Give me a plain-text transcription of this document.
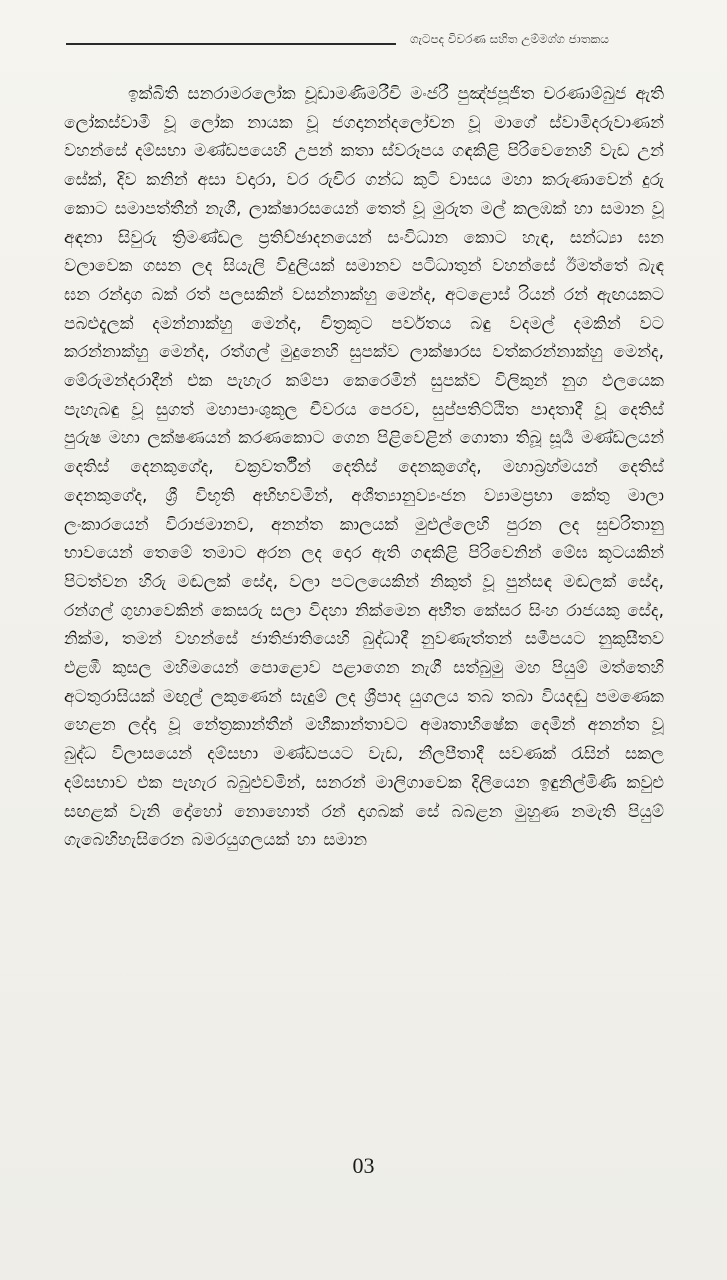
ගැටපද විවරණ සහිත උම්මග්ග ජාතකය

ඉක්බිති සනරාමරලෝක චූඩාමණිමරීචි මංජරී පුඤ්ජපූජිත චරණාම්බුජ ඇති ලෝකස්වාමී වූ ලෝක නායක වූ ජගදානන්දලෝචන වූ මාගේ ස්වාමිදරුවාණන් වහන්සේ දම්සභා මණ්ඩපයෙහි උපන් කතා ස්වරූපය ගඳකිළි පිරිවෙනෙහි වැඩ උන් සේක්, දිව කනින් අසා වදාරා, වර රුචිර ගන්ධ කුටි වාසය මහා කරුණාවෙන් දුරු කොට සමාපත්තීන් නැගී, ලාක්ෂාරසයෙන් තෙත් වූ මුරුත මල් කලඹක් හා සමාන වූ අඳනා සිවුරු ත්‍රිමණ්ඩල ප්‍රතිච්ඡාදනයෙන් සංවිධාන කොට හැඳ, සන්ධ්‍යා ඝන වලාවෙක ගසන ලද සියැලි විදුලියක් සමානව පටිධාතුන් වහන්සේ ඊමත්තේ බැඳ ඝන රන්දාග බක් රත් පලසකින් වසන්නාක්හු මෙන්ද, අටළොස් රියන් රන් ඇඟයකට පබළුදැලක් දමන්නාක්හු මෙන්ද, චිත්‍රකූට පර්වතය බඳු වදමල් දමකින් වට කරන්නාක්හු මෙන්ද, රත්ගල් මුදුනෙහි සුපක්ව ලාක්ෂාරස වත්කරන්නාක්හු මෙන්ද, මේරුමන්දරාදීන් එක පැහැර කම්පා කෙරෙමින් සුපක්ව විලිකුන් නුග ඵලයෙක පැහැබඳු වූ සුගත් මහාපාංශුකූල චීවරය පෙරව, සුප්පතිට්ඨිත පාදතාදී වූ දෙතිස් පුරුෂ මහා ලක්ෂණයන් කරණකොට ගෙන පිළිවෙළින් ගොතා තිබූ සූර්‍ය මණ්ඩලයන් දෙතිස් දෙනකුගේද, චක්‍රවර්තීන් දෙතිස් දෙනකුගේද, මහාබ්‍රහ්මයන් දෙතිස් දෙනකුගේද, ශ්‍රී විභූති අභිභවමින්, අශීත්‍යානුව්‍යංජන ව්‍යාමප්‍රභා කේතු මාලා ලංකාරයෙන් විරාජමානව, අනන්ත කාලයක් මුළුල්ලෙහි පුරන ලද සුචරිතානු භාවයෙන් තෙමේ තමාට අරන ලද දොර ඇති ගඳකිළි පිරිවෙනින් මේඝ කූටයකින් පිටත්වන හිරු මඬලක් සේද, වලා පටලයෙකින් නිකුත් වූ පුන්සඳ මඬලක් සේද, රන්ගල් ගුහාවෙකින් කෙසරු සලා විදහා නික්මෙන අභීත කේසර සිංහ රාජයකු සේද, නික්ම, තමන් වහන්සේ ජාතිජාතියෙහි බුද්ධාදී නුවණැත්තන් සමීපයට නුකුසීතව එළඹී කුසල මහිමයෙන් පොළොව පළාගෙන නැගී සත්බුමු මහ පියුම් මත්තෙහි අටතුරාසියක් මඟුල් ලකුණෙන් සැදුම් ලද ශ්‍රීපාද යුගලය තබ තබා වියදඬු පමණෙක හෙළන ලද්දා වූ නේත්‍රකාන්තීන් මහීකාන්තාවට අමෘතාභිෂේක දෙමින් අනන්ත වූ බුද්ධ විලාසයෙන් දම්සභා මණ්ඩපයට වැඩ, නීලපීතාදී සවණක් රැසින් සකල දම්සභාව එක පැහැර බබුළුවමින්, සනරන් මාලිගාවෙක දිලියෙන ඉඳුනිල්මිණි කවුළු සඟළක් වැනි දෝහෝ නොහොත් රන් දාගබක් සේ බබළන මුහුණ නමැති පියුම් ගැබෙහිහැසිරෙන බමරයුගලයක් හා සමාන

03
